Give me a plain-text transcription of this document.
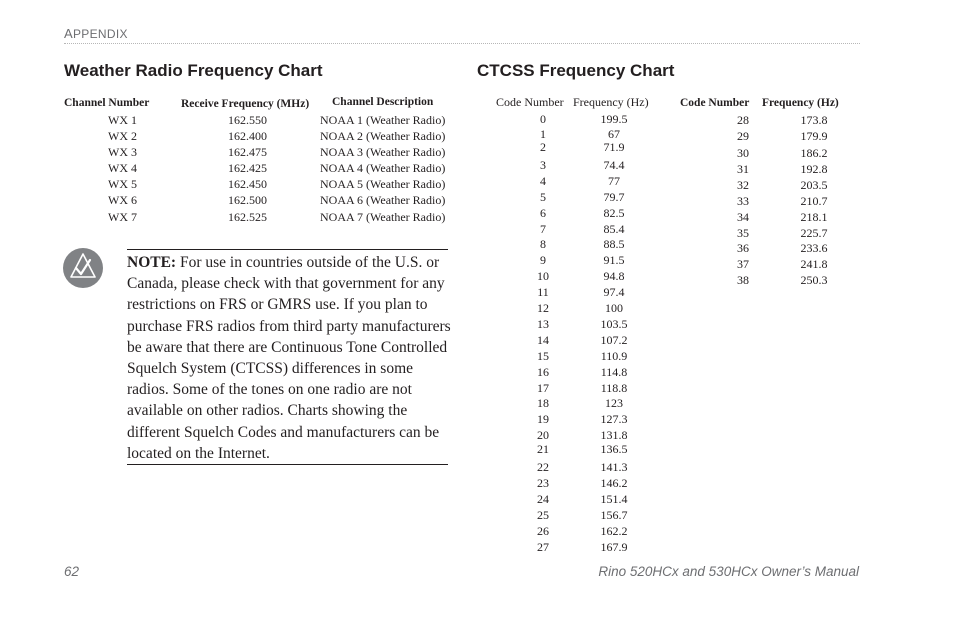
APPENDIX
Weather Radio Frequency Chart
Channel Number	Receive Frequency (MHz) Channel Description
WX 1	162.550	NOAA 1 (Weather Radio)
WX 2	162.400	NOAA 2 (Weather Radio)
WX 3	162.475	NOAA 3 (Weather Radio)
WX 4	162.425	NOAA 4 (Weather Radio)
WX 5	162.450	NOAA 5 (Weather Radio)
WX 6	162.500	NOAA 6 (Weather Radio)
WX 7	162.525	NOAA 7 (Weather Radio)
NOTE: For use in countries outside of the U.S. or Canada, please check with that government for any restrictions on FRS or GMRS use. If you plan to purchase FRS radios from third party manufacturers be aware that there are Continuous Tone Controlled Squelch System (CTCSS) differences in some radios. Some of the tones on one radio are not available on other radios. Charts showing the different Squelch Codes and manufacturers can be located on the Internet.
CTCSS Frequency Chart
Code Number Frequency (Hz)
0	199.5
1	67
2	71.9
3	74.4
4	77
5	79.7
6	82.5
7	85.4
8	88.5
9	91.5
10	94.8
11	97.4
12	100
13	103.5
14	107.2
15	110.9
16	114.8
17	118.8
18	123
19	127.3
20	131.8
21	136.5
22	141.3
23	146.2
24	151.4
25	156.7
26	162.2
27	167.9
Code Number Frequency (Hz)
28	173.8
29	179.9
30	186.2
31	192.8
32	203.5
33	210.7
34	218.1
35	225.7
36	233.6
37	241.8
38	250.3
62	Rino 520HCx and 530HCx Owner’s Manual
